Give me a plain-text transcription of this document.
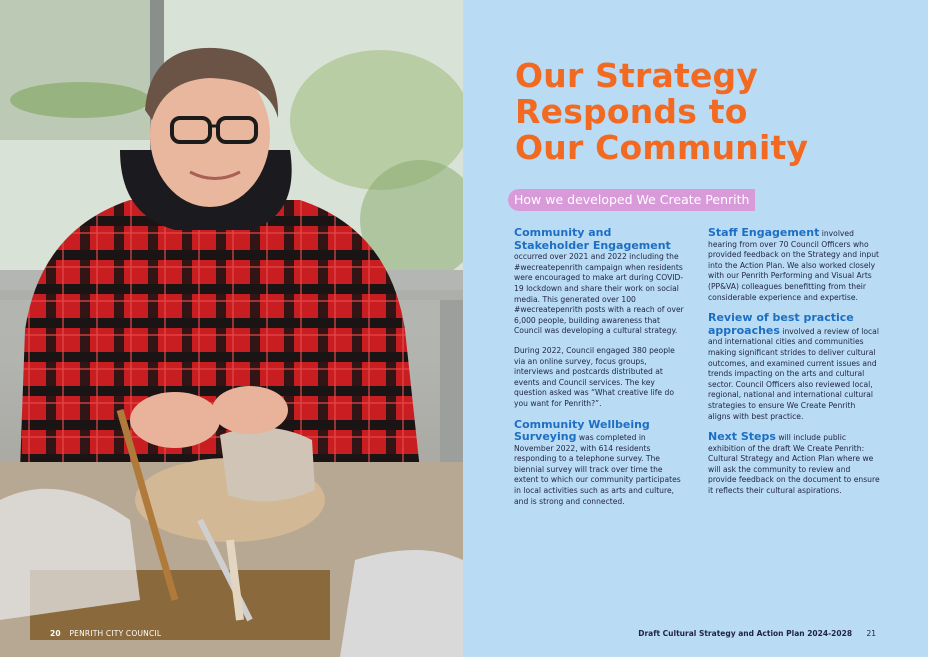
20 PENRITH CITY COUNCIL
Our Strategy
Responds to
Our Community
How we developed We Create Penrith

Community and Stakeholder Engagement occurred over 2021 and 2022 including the #wecreatepenrith campaign when residents were encouraged to make art during COVID-19 lockdown and share their work on social media. This generated over 100 #wecreatepenrith posts with a reach of over 6,000 people, building awareness that Council was developing a cultural strategy.

During 2022, Council engaged 380 people via an online survey, focus groups, interviews and postcards distributed at events and Council services. The key question asked was “What creative life do you want for Penrith?”.

Community Wellbeing Surveying was completed in November 2022, with 614 residents responding to a telephone survey. The biennial survey will track over time the extent to which our community participates in local activities such as arts and culture, and is strong and connected.

Staff Engagement involved hearing from over 70 Council Officers who provided feedback on the Strategy and input into the Action Plan. We also worked closely with our Penrith Performing and Visual Arts (PP&VA) colleagues benefitting from their considerable experience and expertise.

Review of best practice approaches involved a review of local and international cities and communities making significant strides to deliver cultural outcomes, and examined current issues and trends impacting on the arts and cultural sector. Council Officers also reviewed local, regional, national and international cultural strategies to ensure We Create Penrith aligns with best practice.

Next Steps will include public exhibition of the draft We Create Penrith: Cultural Strategy and Action Plan where we will ask the community to review and provide feedback on the document to ensure it reflects their cultural aspirations.

Draft Cultural Strategy and Action Plan 2024-2028 21
